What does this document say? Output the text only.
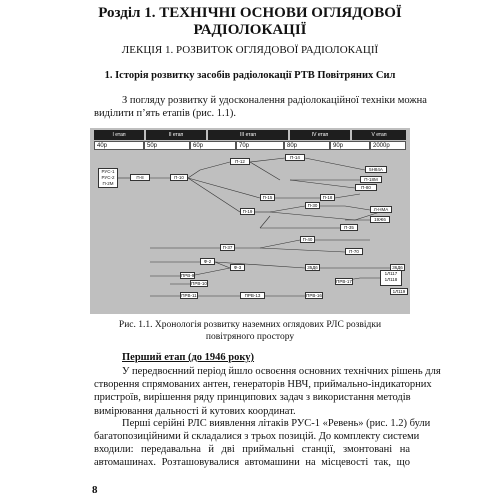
Розділ 1. ТЕХНІЧНІ ОСНОВИ ОГЛЯДОВОЇ
РАДІОЛОКАЦІЇ
ЛЕКЦІЯ 1. РОЗВИТОК ОГЛЯДОВОЇ РАДІОЛОКАЦІЇ
1. Історія розвитку засобів радіолокації РТВ Повітряних Сил
З погляду розвитку й удосконалення радіолокаційної техніки можна
виділити п’ять етапів (рис. 1.1).
I етап	II етап	III етап	IV етап	V етап
40р	50р	60р	70р	80р	90р	2000р
РУС-1
РУС-2
П-2М
П-8	П-10
П-12
П-14
5Н84А
П-18М
П-15	П-18
П-80
П-19
П-30
Л-НМА
19Ж6
П-35
П-37
П-40
П-70
Ф-2
Ф-3	35Д6	36Д6
ПРВ-9
ПРВ-10
1Л117
1Л118
ПРВ-11	ПРВ-13	ПРВ-16
ПРВ-17
1Л119
Рис. 1.1. Хронологія розвитку наземних оглядових РЛС розвідки
повітряного простору
Перший етап (до 1946 року)
У передвоєнний період йшло освоєння основних технічних рішень для
створення спрямованих антен, генераторів НВЧ, приймально-індикаторних
пристроїв, вирішення ряду принципових задач з використання методів
вимірювання дальності й кутових координат.
Перші серійні РЛС виявлення літаків РУС-1 «Ревень» (рис. 1.2) були
багатопозиційними й складалися з трьох позицій. До комплекту системи
входили: передавальна й дві приймальні станції, змонтовані на
автомашинах. Розташовувалися автомашини на місцевості так, що
8
